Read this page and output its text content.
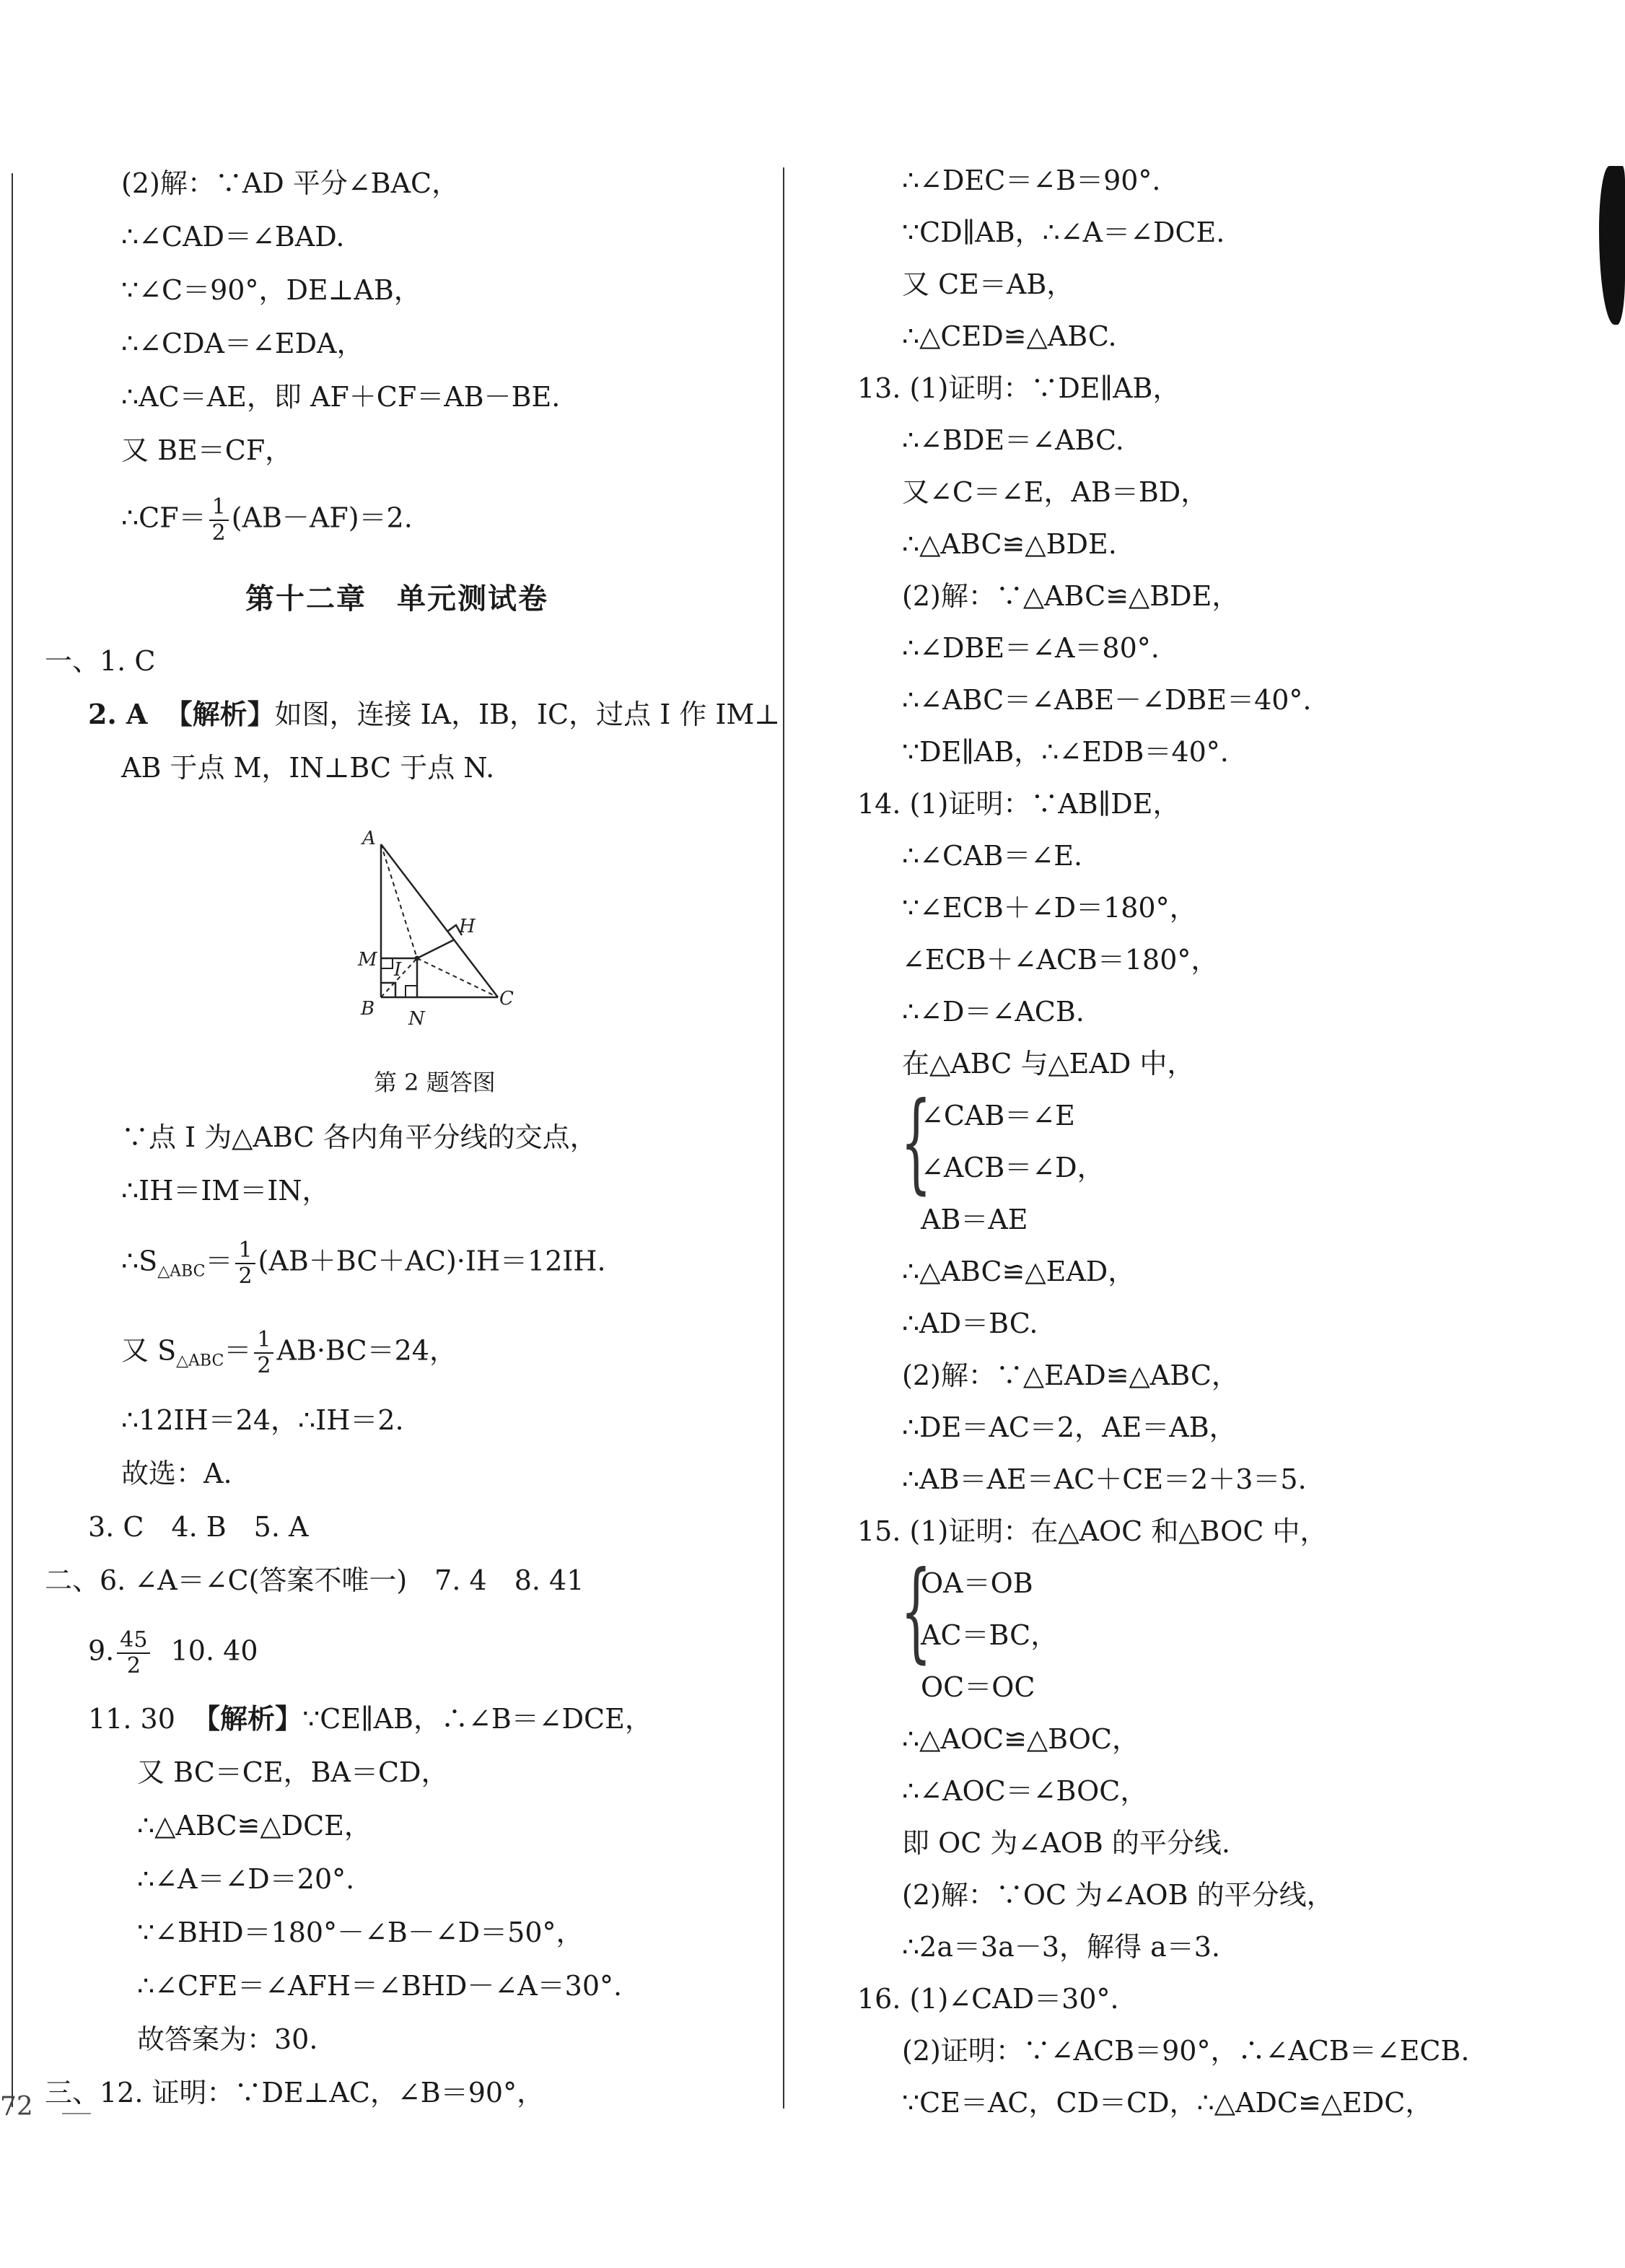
(2)解：∵AD 平分∠BAC，
∴∠CAD＝∠BAD.
∵∠C＝90°，DE⊥AB，
∴∠CDA＝∠EDA，
∴AC＝AE，即 AF＋CF＝AB－BE.
又 BE＝CF，
∴CF＝ $\frac{1}{2} (AB-AF)=2$.
第十二章　单元测试卷
一、1. C
2. A 【解析】如图，连接 IA，IB，IC，过点 I 作 IM⊥
AB 于点 M，IN⊥BC 于点 N.
A
B	C
H
M I
N
第 2 题答图
∵点 I 为△ABC 各内角平分线的交点，
∴IH＝IM＝IN，
$\therefore S_{\triangle ABC}= \frac{1}{2} (AB+BC+AC)\cdot IH=12IH$.
又 $S_{\triangle ABC}= \frac{1}{2} AB\cdot BC=24$，
∴12IH＝24，∴IH＝2.
故选：A.
3. C　4. B　5. A
二、6. ∠A＝∠C(答案不唯一)　7. 4　8. 41
9. $\frac{45}{2} 10$. 40
11. 30 【解析】∵CE∥AB，∴∠B＝∠DCE，
又 BC＝CE，BA＝CD，
∴△ABC≌△DCE，
∴∠A＝∠D＝20°.
∵∠BHD＝180°－∠B－∠D＝50°，
∴∠CFE＝∠AFH＝∠BHD－∠A＝30°.
故答案为：30.
三、12. 证明：∵DE⊥AC，∠B＝90°，
72
∴∠DEC＝∠B＝90°.
∵CD∥AB，∴∠A＝∠DCE.
又 CE＝AB，
∴△CED≌△ABC.
13. (1)证明：∵DE∥AB，
∴∠BDE＝∠ABC.
又∠C＝∠E，AB＝BD，
∴△ABC≌△BDE.
(2)解：∵△ABC≌△BDE，
∴∠DBE＝∠A＝80°.
∴∠ABC＝∠ABE－∠DBE＝40°.
∵DE∥AB，∴∠EDB＝40°.
14. (1)证明：∵AB∥DE，
∴∠CAB＝∠E.
∵∠ECB＋∠D＝180°，
∠ECB＋∠ACB＝180°，
∴∠D＝∠ACB.
在△ABC 与△EAD 中，
{
∠CAB＝∠E
∠ACB＝∠D，
AB＝AE
∴△ABC≌△EAD，
∴AD＝BC.
(2)解：∵△EAD≌△ABC，
∴DE＝AC＝2，AE＝AB，
∴AB＝AE＝AC＋CE＝2＋3＝5.
15. (1)证明：在△AOC 和△BOC 中，
{
OA＝OB
AC＝BC，
OC＝OC
∴△AOC≌△BOC，
∴∠AOC＝∠BOC，
即 OC 为∠AOB 的平分线.
(2)解：∵OC 为∠AOB 的平分线，
∴2a＝3a－3，解得 a＝3.
16. (1)∠CAD＝30°.
(2)证明：∵∠ACB＝90°，∴∠ACB＝∠ECB.
∵CE＝AC，CD＝CD，∴△ADC≌△EDC，
